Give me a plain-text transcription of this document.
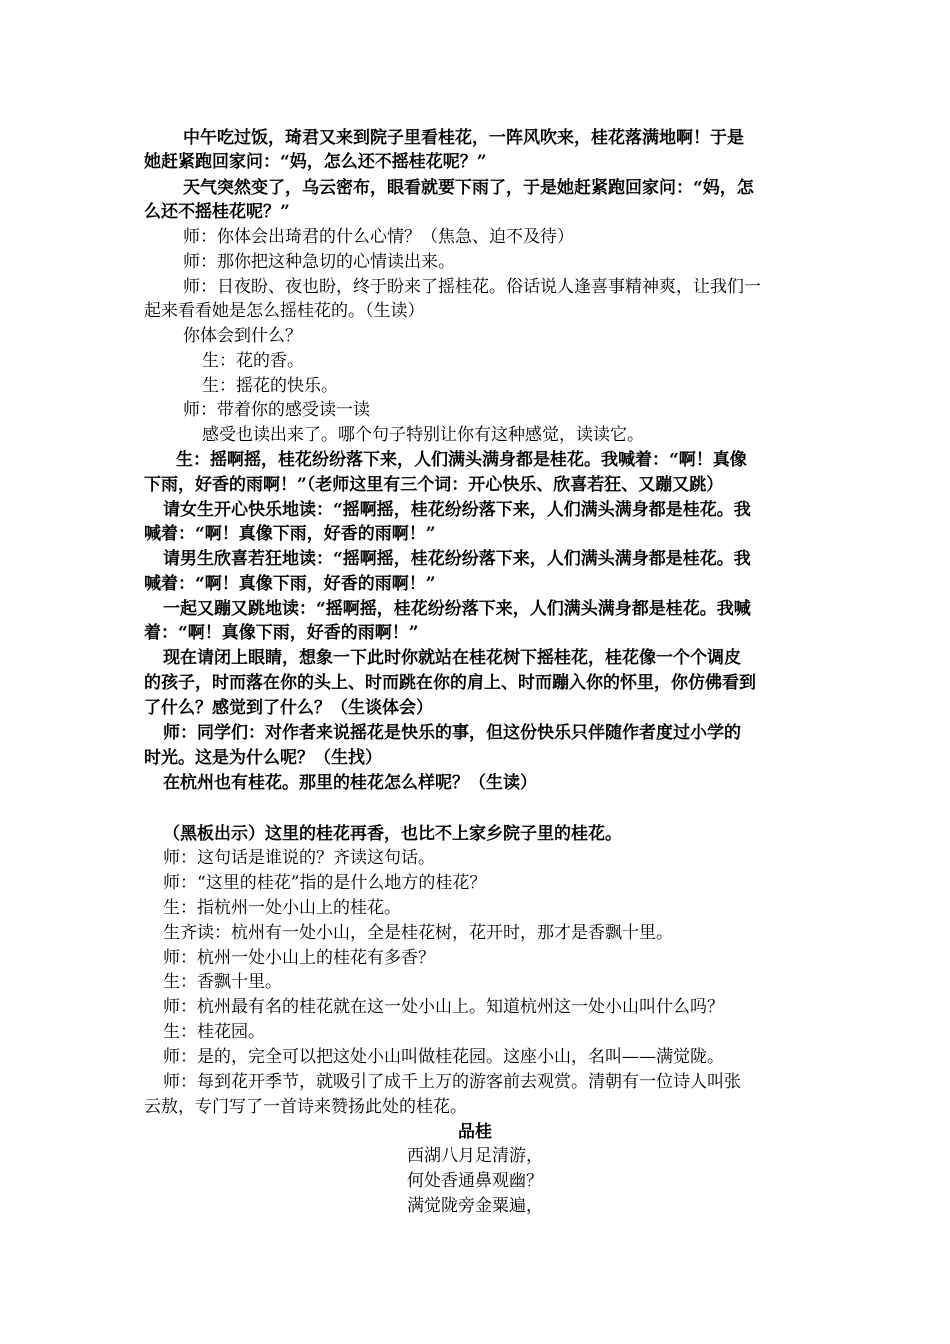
中午吃过饭，琦君又来到院子里看桂花，一阵风吹来，桂花落满地啊！于是
她赶紧跑回家问：“妈，怎么还不摇桂花呢？”
天气突然变了，乌云密布，眼看就要下雨了，于是她赶紧跑回家问：“妈，怎
么还不摇桂花呢？”
师：你体会出琦君的什么心情？（焦急、迫不及待）
师：那你把这种急切的心情读出来。
师：日夜盼、夜也盼，终于盼来了摇桂花。俗话说人逢喜事精神爽，让我们一
起来看看她是怎么摇桂花的。（生读）
你体会到什么？
生：花的香。
生：摇花的快乐。
师：带着你的感受读一读
感受也读出来了。哪个句子特别让你有这种感觉，读读它。
生：摇啊摇，桂花纷纷落下来，人们满头满身都是桂花。我喊着：“啊！真像
下雨，好香的雨啊！”（老师这里有三个词：开心快乐、欣喜若狂、又蹦又跳）
请女生开心快乐地读：“摇啊摇，桂花纷纷落下来，人们满头满身都是桂花。我
喊着：“啊！真像下雨，好香的雨啊！”
请男生欣喜若狂地读：“摇啊摇，桂花纷纷落下来，人们满头满身都是桂花。我
喊着：“啊！真像下雨，好香的雨啊！”
一起又蹦又跳地读：“摇啊摇，桂花纷纷落下来，人们满头满身都是桂花。我喊
着：“啊！真像下雨，好香的雨啊！”
现在请闭上眼睛，想象一下此时你就站在桂花树下摇桂花，桂花像一个个调皮
的孩子，时而落在你的头上、时而跳在你的肩上、时而蹦入你的怀里，你仿佛看到
了什么？感觉到了什么？（生谈体会）
师：同学们：对作者来说摇花是快乐的事，但这份快乐只伴随作者度过小学的
时光。这是为什么呢？（生找）
在杭州也有桂花。那里的桂花怎么样呢？（生读）
（黑板出示）这里的桂花再香，也比不上家乡院子里的桂花。
师：这句话是谁说的？齐读这句话。
师：“这里的桂花”指的是什么地方的桂花？
生：指杭州一处小山上的桂花。
生齐读：杭州有一处小山，全是桂花树，花开时，那才是香飘十里。
师：杭州一处小山上的桂花有多香？
生：香飘十里。
师：杭州最有名的桂花就在这一处小山上。知道杭州这一处小山叫什么吗？
生：桂花园。
师：是的，完全可以把这处小山叫做桂花园。这座小山，名叫——满觉陇。
师：每到花开季节，就吸引了成千上万的游客前去观赏。清朝有一位诗人叫张
云敖，专门写了一首诗来赞扬此处的桂花。
品桂
西湖八月足清游，
何处香通鼻观幽？
满觉陇旁金粟遍，
